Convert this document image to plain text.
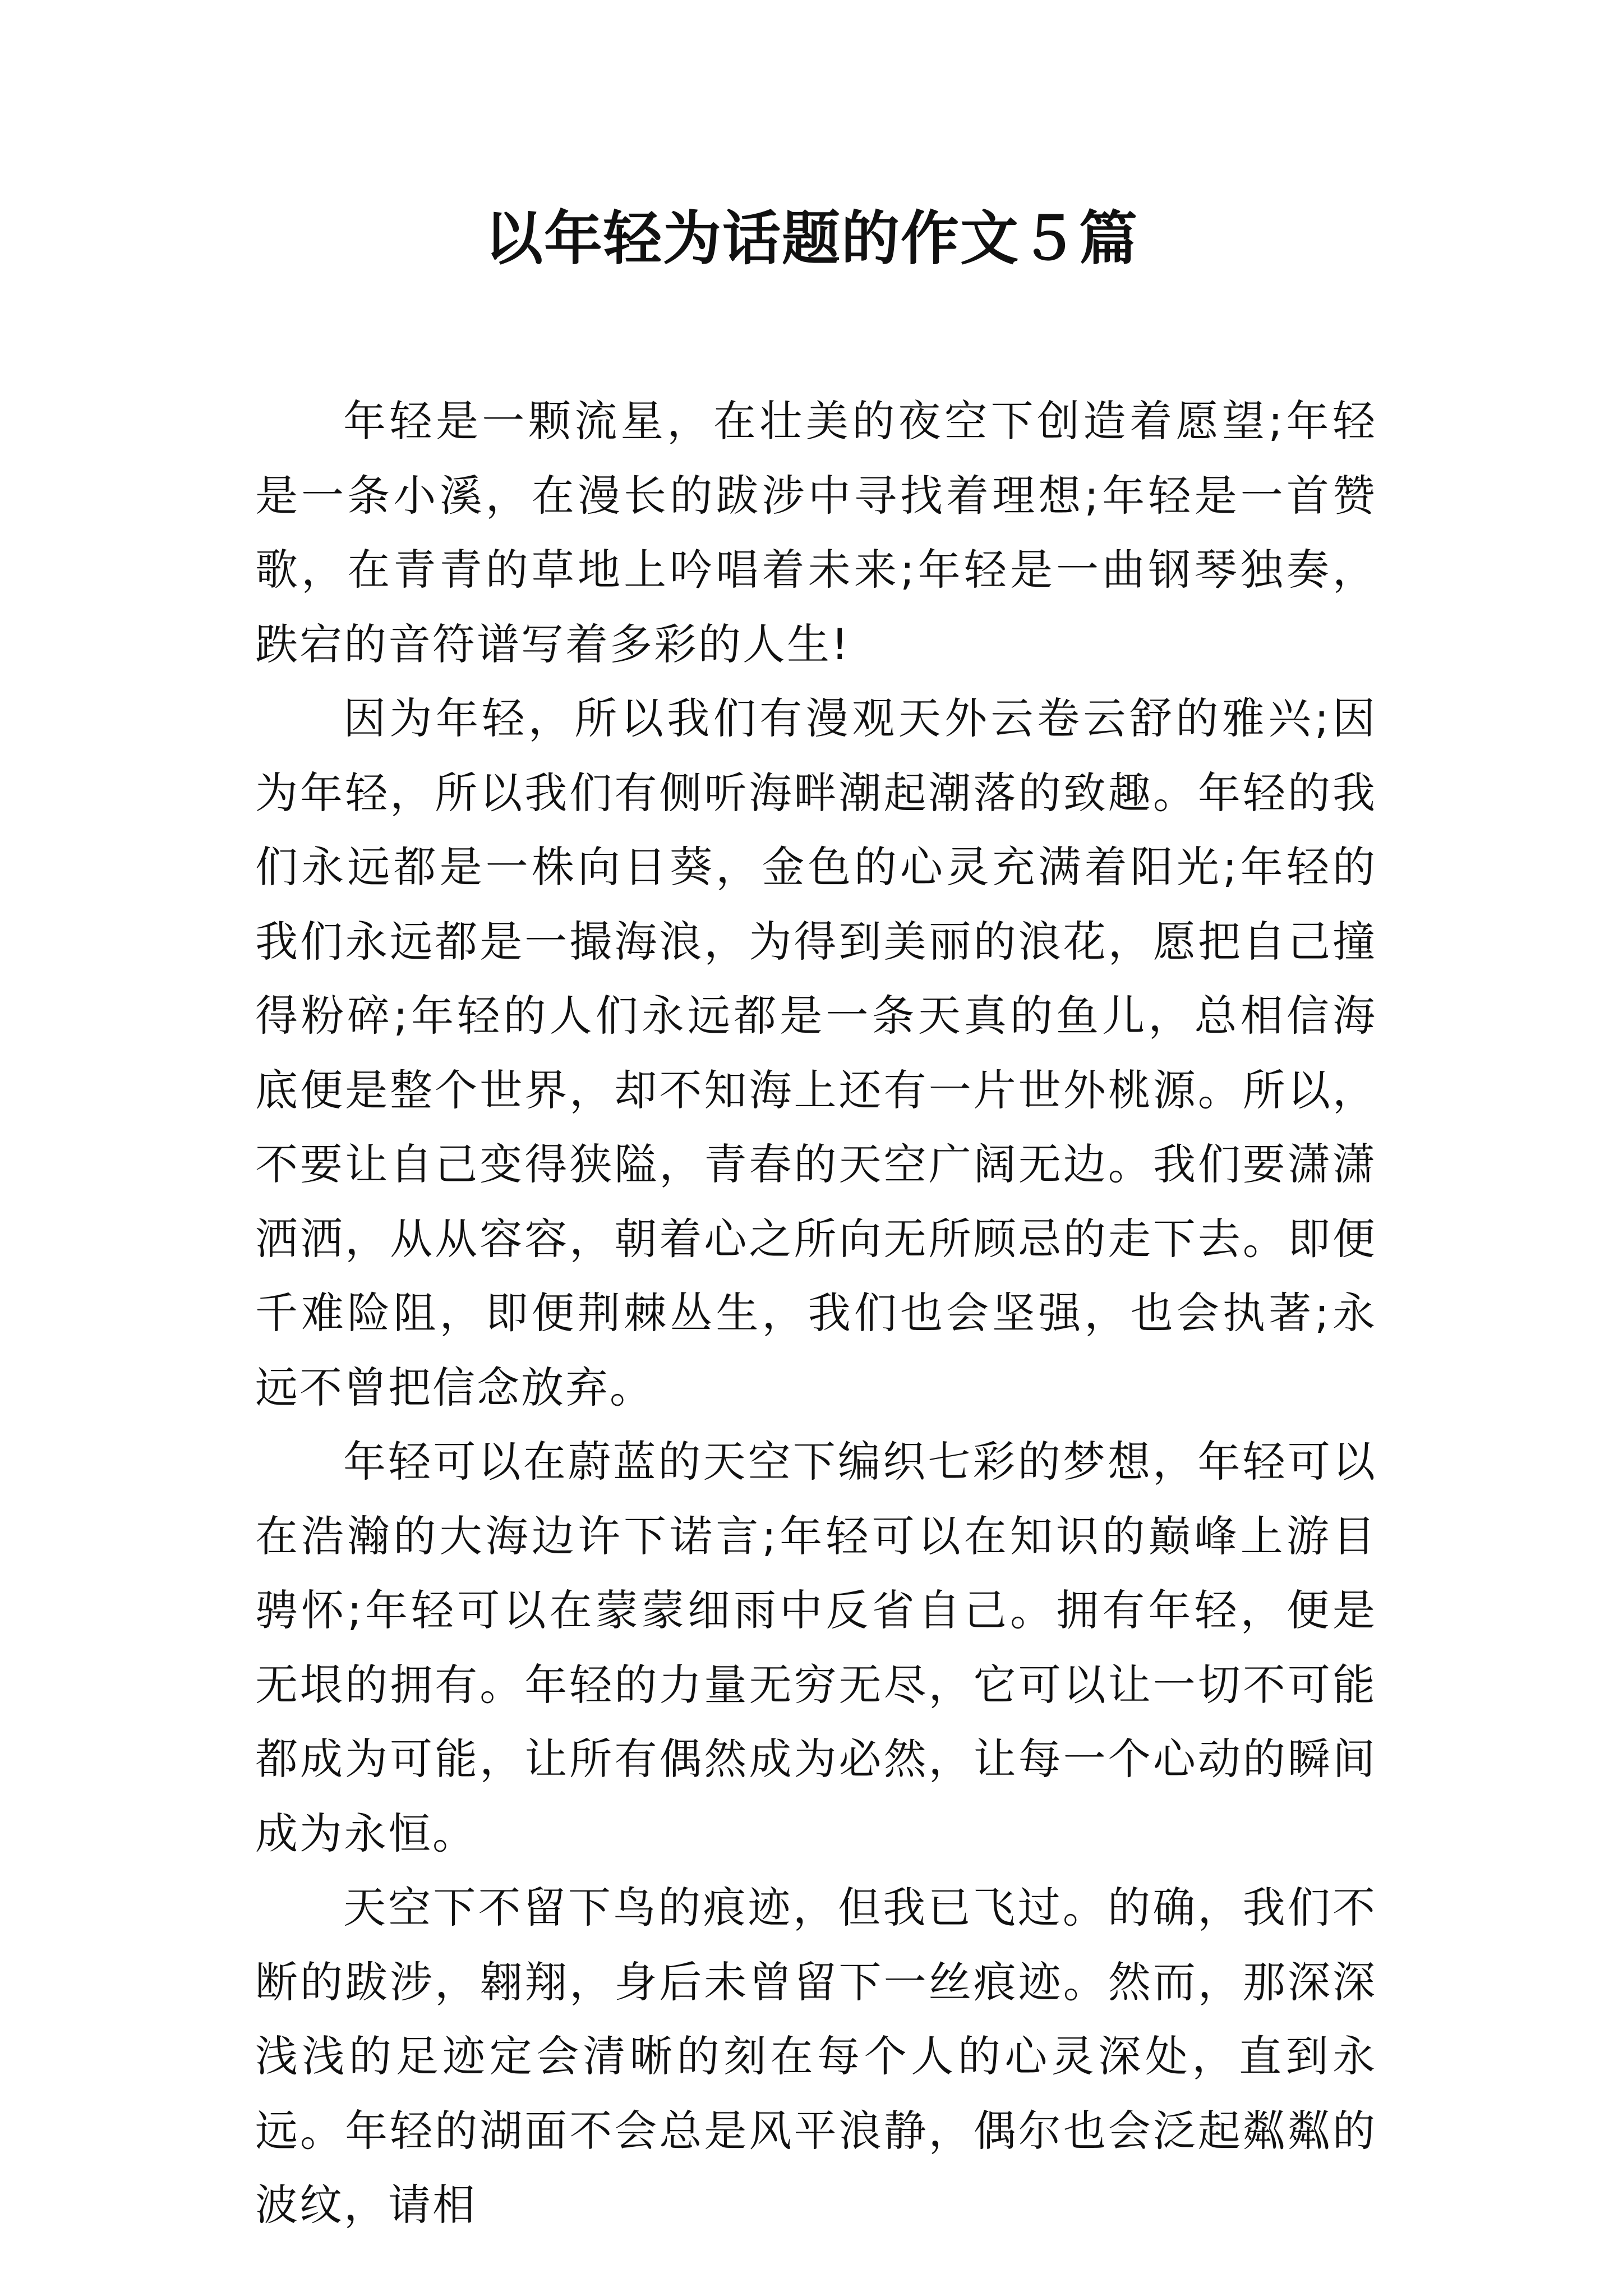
以年轻为话题的作文５篇

年轻是一颗流星，在壮美的夜空下创造着愿望;年轻是一条小溪，在漫长的跋涉中寻找着理想;年轻是一首赞歌，在青青的草地上吟唱着未来;年轻是一曲钢琴独奏，跌宕的音符谱写着多彩的人生!

因为年轻，所以我们有漫观天外云卷云舒的雅兴;因为年轻，所以我们有侧听海畔潮起潮落的致趣。年轻的我们永远都是一株向日葵，金色的心灵充满着阳光;年轻的我们永远都是一撮海浪，为得到美丽的浪花，愿把自己撞得粉碎;年轻的人们永远都是一条天真的鱼儿，总相信海底便是整个世界，却不知海上还有一片世外桃源。所以，不要让自己变得狭隘，青春的天空广阔无边。我们要潇潇洒洒，从从容容，朝着心之所向无所顾忌的走下去。即便千难险阻，即便荆棘丛生，我们也会坚强，也会执著;永远不曾把信念放弃。

年轻可以在蔚蓝的天空下编织七彩的梦想，年轻可以在浩瀚的大海边许下诺言;年轻可以在知识的巅峰上游目骋怀;年轻可以在蒙蒙细雨中反省自己。拥有年轻，便是无垠的拥有。年轻的力量无穷无尽，它可以让一切不可能都成为可能，让所有偶然成为必然，让每一个心动的瞬间成为永恒。

天空下不留下鸟的痕迹，但我已飞过。的确，我们不断的跋涉，翱翔，身后未曾留下一丝痕迹。然而，那深深浅浅的足迹定会清晰的刻在每个人的心灵深处，直到永远。年轻的湖面不会总是风平浪静，偶尔也会泛起粼粼的波纹，请相
